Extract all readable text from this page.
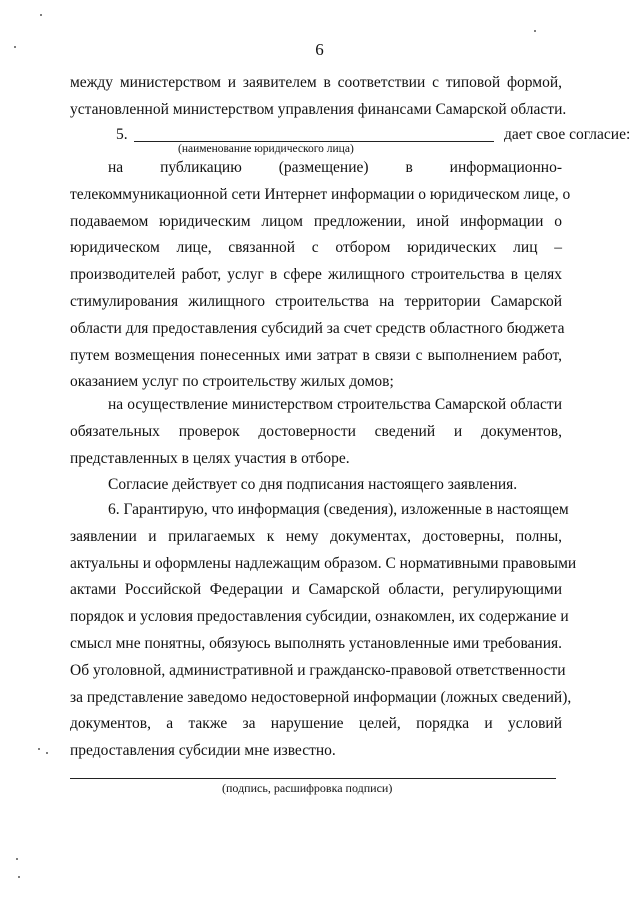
6
между министерством и заявителем в соответствии с типовой формой,
установленной министерством управления финансами Самарской области.
5.	дает свое согласие:
(наименование юридического лица)
на публикацию (размещение) в информационно-
телекоммуникационной сети Интернет информации о юридическом лице, о
подаваемом юридическим лицом предложении, иной информации о
юридическом лице, связанной с отбором юридических лиц –
производителей работ, услуг в сфере жилищного строительства в целях
стимулирования жилищного строительства на территории Самарской
области для предоставления субсидий за счет средств областного бюджета
путем возмещения понесенных ими затрат в связи с выполнением работ,
оказанием услуг по строительству жилых домов;
на осуществление министерством строительства Самарской области
обязательных проверок достоверности сведений и документов,
представленных в целях участия в отборе.
Согласие действует со дня подписания настоящего заявления.
6. Гарантирую, что информация (сведения), изложенные в настоящем
заявлении и прилагаемых к нему документах, достоверны, полны,
актуальны и оформлены надлежащим образом. С нормативными правовыми
актами Российской Федерации и Самарской области, регулирующими
порядок и условия предоставления субсидии, ознакомлен, их содержание и
смысл мне понятны, обязуюсь выполнять установленные ими требования.
Об уголовной, административной и гражданско-правовой ответственности
за представление заведомо недостоверной информации (ложных сведений),
документов, а также за нарушение целей, порядка и условий
предоставления субсидии мне известно.
(подпись, расшифровка подписи)
